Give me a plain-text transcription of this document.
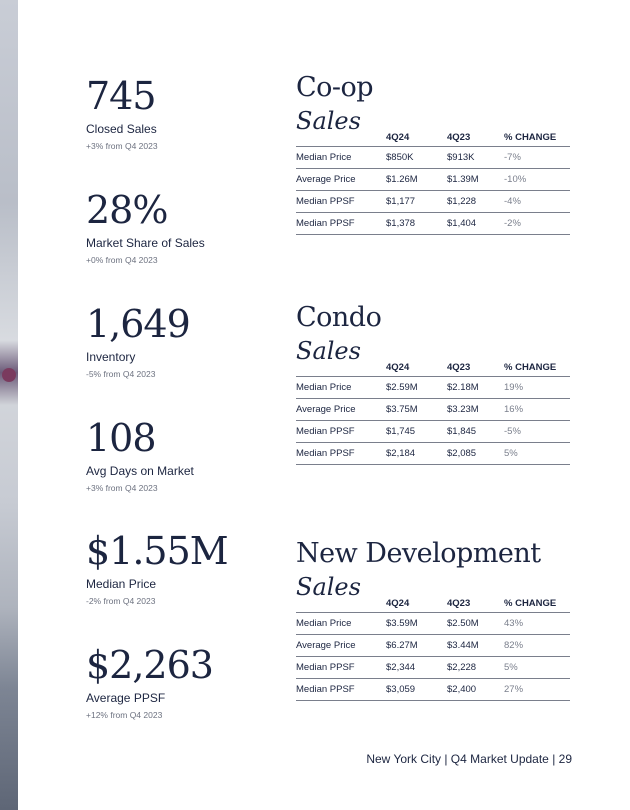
745
Closed Sales
+3% from Q4 2023
28%
Market Share of Sales
+0% from Q4 2023
1,649
Inventory
-5% from Q4 2023
108
Avg Days on Market
+3% from Q4 2023
$1.55M
Median Price
-2% from Q4 2023
$2,263
Average PPSF
+12% from Q4 2023
Co-op
Sales
4Q24	4Q23	% CHANGE
Median Price	$850K	$913K	-7%
Average Price	$1.26M	$1.39M	-10%
Median PPSF	$1,177	$1,228	-4%
Median PPSF	$1,378	$1,404	-2%
Condo
Sales
4Q24	4Q23	% CHANGE
Median Price	$2.59M	$2.18M	19%
Average Price	$3.75M	$3.23M	16%
Median PPSF	$1,745	$1,845	-5%
Median PPSF	$2,184	$2,085	5%
New Development
Sales
4Q24	4Q23	% CHANGE
Median Price	$3.59M	$2.50M	43%
Average Price	$6.27M	$3.44M	82%
Median PPSF	$2,344	$2,228	5%
Median PPSF	$3,059	$2,400	27%
New York City | Q4 Market Update | 29
